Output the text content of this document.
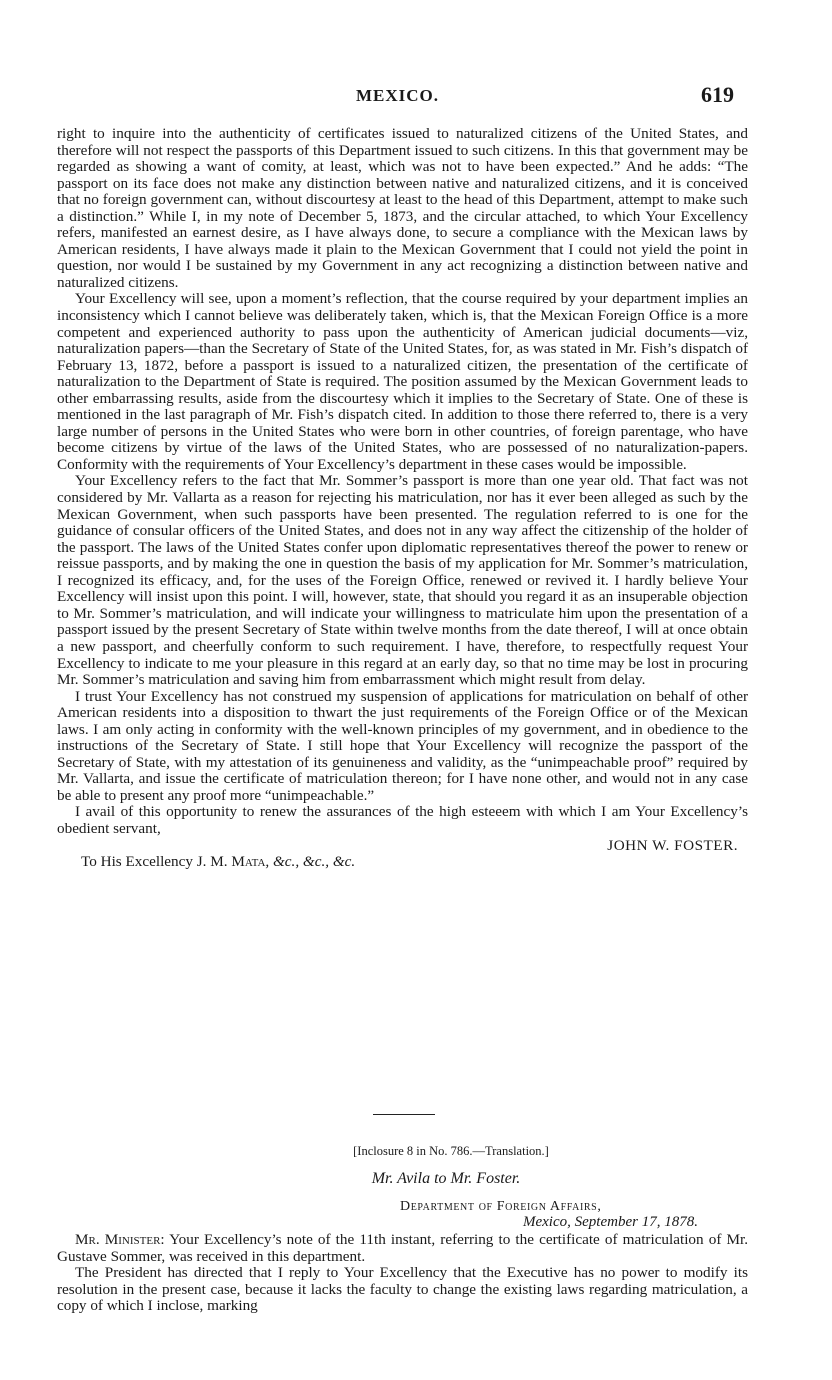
MEXICO.	619

right to inquire into the authenticity of certificates issued to naturalized citizens of the United States, and therefore will not respect the passports of this Department issued to such citizens. In this that government may be regarded as showing a want of comity, at least, which was not to have been expected.” And he adds: “The passport on its face does not make any distinction between native and naturalized citizens, and it is conceived that no foreign government can, without discourtesy at least to the head of this Department, attempt to make such a distinction.” While I, in my note of December 5, 1873, and the circular attached, to which Your Excellency refers, manifested an earnest desire, as I have always done, to secure a compliance with the Mexican laws by American residents, I have always made it plain to the Mexican Government that I could not yield the point in question, nor would I be sustained by my Government in any act recognizing a distinction between native and naturalized citizens.

Your Excellency will see, upon a moment’s reflection, that the course required by your department implies an inconsistency which I cannot believe was deliberately taken, which is, that the Mexican Foreign Office is a more competent and experienced authority to pass upon the authenticity of American judicial documents—viz, naturalization papers—than the Secretary of State of the United States, for, as was stated in Mr. Fish’s dispatch of February 13, 1872, before a passport is issued to a naturalized citizen, the presentation of the certificate of naturalization to the Department of State is required. The position assumed by the Mexican Government leads to other embarrassing results, aside from the discourtesy which it implies to the Secretary of State. One of these is mentioned in the last paragraph of Mr. Fish’s dispatch cited. In addition to those there referred to, there is a very large number of persons in the United States who were born in other countries, of foreign parentage, who have become citizens by virtue of the laws of the United States, who are possessed of no naturalization-papers. Conformity with the requirements of Your Excellency’s department in these cases would be impossible.

Your Excellency refers to the fact that Mr. Sommer’s passport is more than one year old. That fact was not considered by Mr. Vallarta as a reason for rejecting his matriculation, nor has it ever been alleged as such by the Mexican Government, when such passports have been presented. The regulation referred to is one for the guidance of consular officers of the United States, and does not in any way affect the citizenship of the holder of the passport. The laws of the United States confer upon diplomatic representatives thereof the power to renew or reissue passports, and by making the one in question the basis of my application for Mr. Sommer’s matriculation, I recognized its efficacy, and, for the uses of the Foreign Office, renewed or revived it. I hardly believe Your Excellency will insist upon this point. I will, however, state, that should you regard it as an insuperable objection to Mr. Sommer’s matriculation, and will indicate your willingness to matriculate him upon the presentation of a passport issued by the present Secretary of State within twelve months from the date thereof, I will at once obtain a new passport, and cheerfully conform to such requirement. I have, therefore, to respectfully request Your Excellency to indicate to me your pleasure in this regard at an early day, so that no time may be lost in procuring Mr. Sommer’s matriculation and saving him from embarrassment which might result from delay.

I trust Your Excellency has not construed my suspension of applications for matriculation on behalf of other American residents into a disposition to thwart the just requirements of the Foreign Office or of the Mexican laws. I am only acting in conformity with the well-known principles of my government, and in obedience to the instructions of the Secretary of State. I still hope that Your Excellency will recognize the passport of the Secretary of State, with my attestation of its genuineness and validity, as the “unimpeachable proof” required by Mr. Vallarta, and issue the certificate of matriculation thereon; for I have none other, and would not in any case be able to present any proof more “unimpeachable.”

I avail of this opportunity to renew the assurances of the high esteeem with which I am Your Excellency’s obedient servant,

JOHN W. FOSTER.

To His Excellency J. M. Mata, &c., &c., &c.

[Inclosure 8 in No. 786.—Translation.]
Mr. Avila to Mr. Foster.
Department of Foreign Affairs,
Mexico, September 17, 1878.

Mr. Minister: Your Excellency’s note of the 11th instant, referring to the certificate of matriculation of Mr. Gustave Sommer, was received in this department.

The President has directed that I reply to Your Excellency that the Executive has no power to modify its resolution in the present case, because it lacks the faculty to change the existing laws regarding matriculation, a copy of which I inclose, marking
